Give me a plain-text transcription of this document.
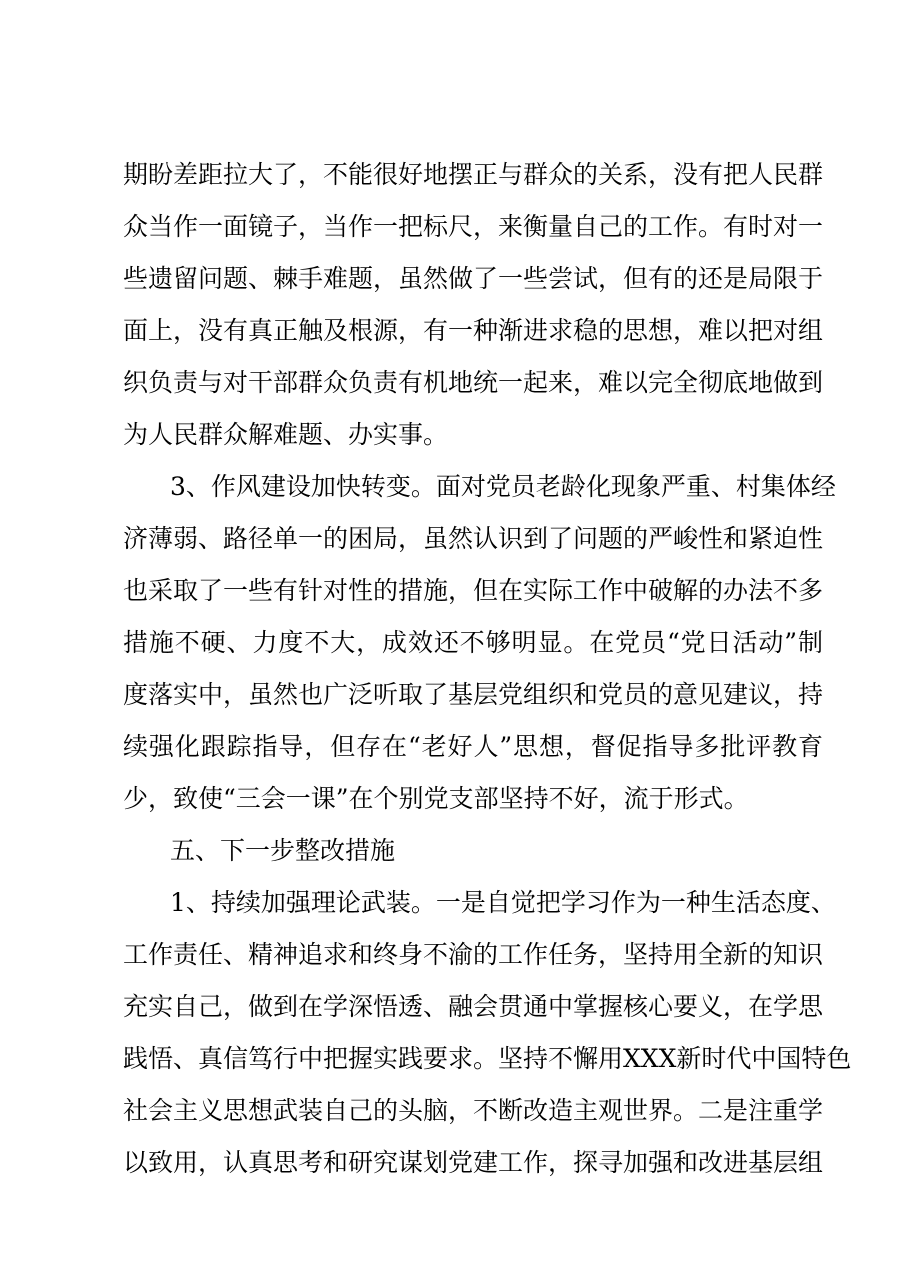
期盼差距拉大了，不能很好地摆正与群众的关系，没有把人民群

众当作一面镜子，当作一把标尺，来衡量自己的工作。有时对一

些遗留问题、棘手难题，虽然做了一些尝试，但有的还是局限于

面上，没有真正触及根源，有一种渐进求稳的思想，难以把对组

织负责与对干部群众负责有机地统一起来，难以完全彻底地做到

为人民群众解难题、办实事。

3、作风建设加快转变。面对党员老龄化现象严重、村集体经

济薄弱、路径单一的困局，虽然认识到了问题的严峻性和紧迫性

也采取了一些有针对性的措施，但在实际工作中破解的办法不多

措施不硬、力度不大，成效还不够明显。在党员“党日活动”制

度落实中，虽然也广泛听取了基层党组织和党员的意见建议，持

续强化跟踪指导，但存在“老好人”思想，督促指导多批评教育

少，致使“三会一课”在个别党支部坚持不好，流于形式。

五、下一步整改措施

1、持续加强理论武装。一是自觉把学习作为一种生活态度、

工作责任、精神追求和终身不渝的工作任务，坚持用全新的知识

充实自己，做到在学深悟透、融会贯通中掌握核心要义，在学思

践悟、真信笃行中把握实践要求。坚持不懈用XXX新时代中国特色

社会主义思想武装自己的头脑，不断改造主观世界。二是注重学

以致用，认真思考和研究谋划党建工作，探寻加强和改进基层组
